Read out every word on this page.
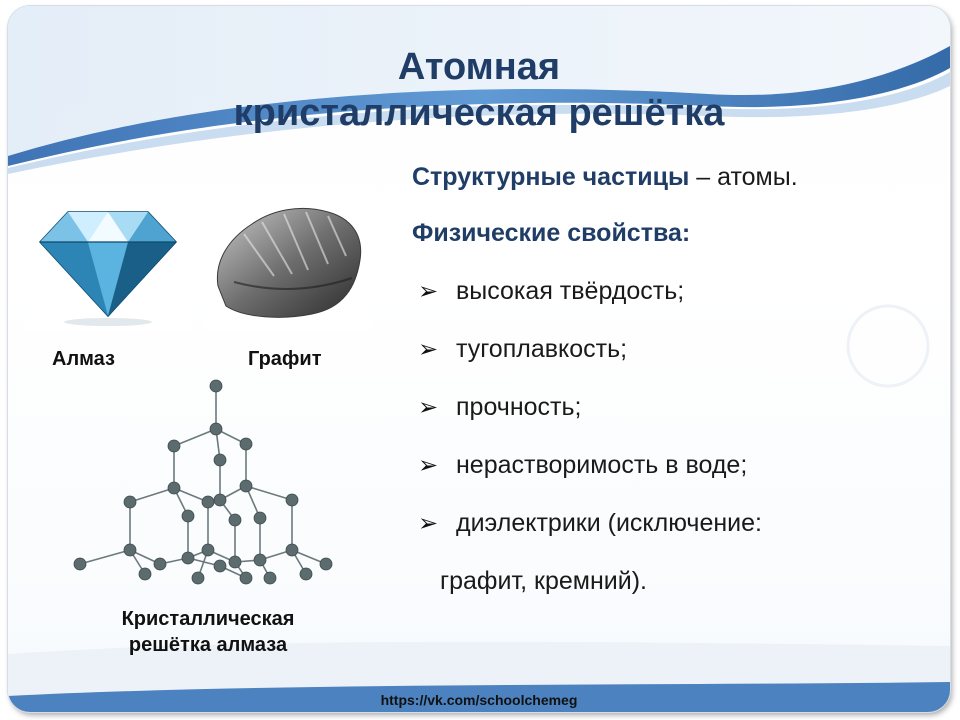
Атомная
кристаллическая решётка
Алмаз	Графит
Структурные частицы – атомы.
Физические свойства:
➢ высокая твёрдость;
➢ тугоплавкость;
➢ прочность;
➢ нерастворимость в воде;
➢ диэлектрики (исключение:
графит, кремний).
Кристаллическая
решётка алмаза
https://vk.com/schoolchemeg
